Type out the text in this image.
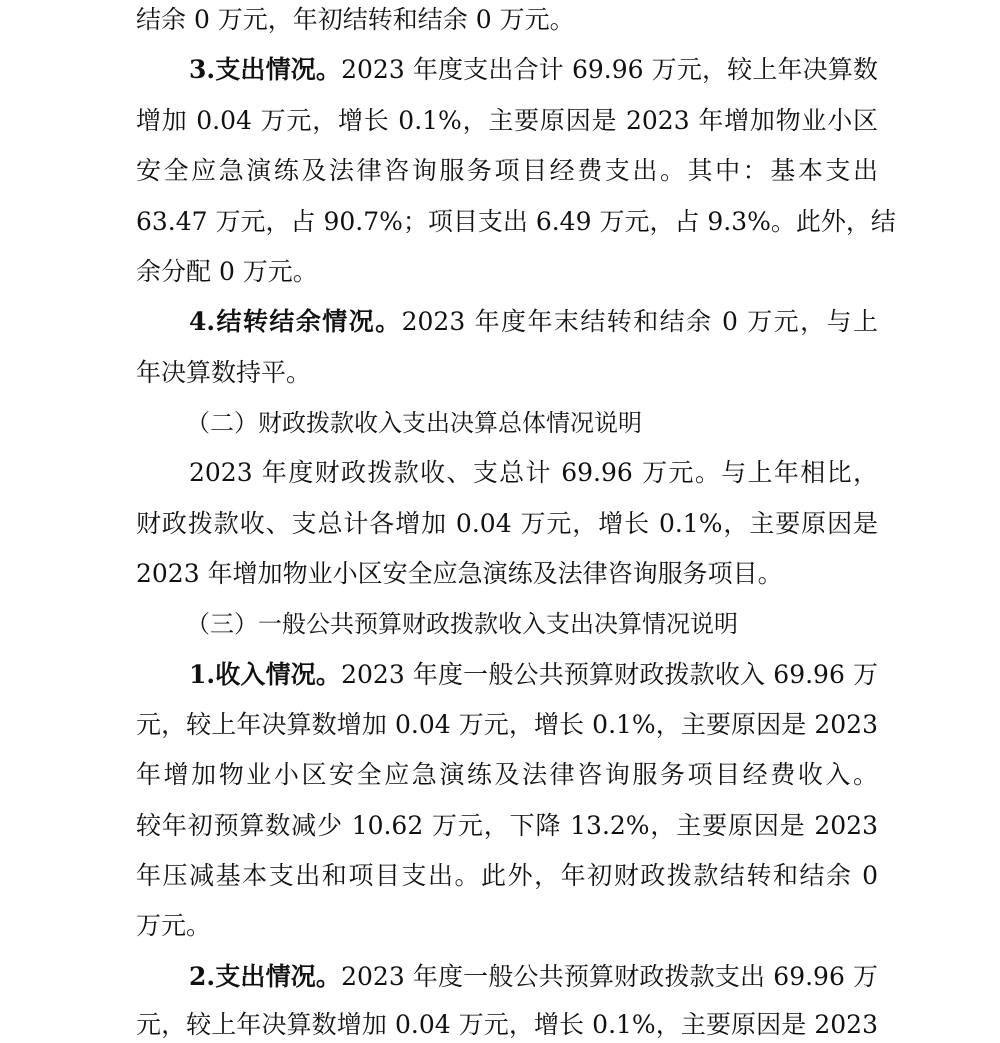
结余 0 万元，年初结转和结余 0 万元。
3.支出情况。2023 年度支出合计 69.96 万元，较上年决算数
增加 0.04 万元，增长 0.1%，主要原因是 2023 年增加物业小区
安全应急演练及法律咨询服务项目经费支出。其中：基本支出
63.47 万元，占 90.7%；项目支出 6.49 万元，占 9.3%。此外，结
余分配 0 万元。
4.结转结余情况。2023 年度年末结转和结余 0 万元，与上
年决算数持平。
（二）财政拨款收入支出决算总体情况说明
2023 年度财政拨款收、支总计 69.96 万元。与上年相比，
财政拨款收、支总计各增加 0.04 万元，增长 0.1%，主要原因是
2023 年增加物业小区安全应急演练及法律咨询服务项目。
（三）一般公共预算财政拨款收入支出决算情况说明
1.收入情况。2023 年度一般公共预算财政拨款收入 69.96 万
元，较上年决算数增加 0.04 万元，增长 0.1%，主要原因是 2023
年增加物业小区安全应急演练及法律咨询服务项目经费收入。
较年初预算数减少 10.62 万元，下降 13.2%，主要原因是 2023
年压减基本支出和项目支出。此外，年初财政拨款结转和结余 0
万元。
2.支出情况。2023 年度一般公共预算财政拨款支出 69.96 万
元，较上年决算数增加 0.04 万元，增长 0.1%，主要原因是 2023
